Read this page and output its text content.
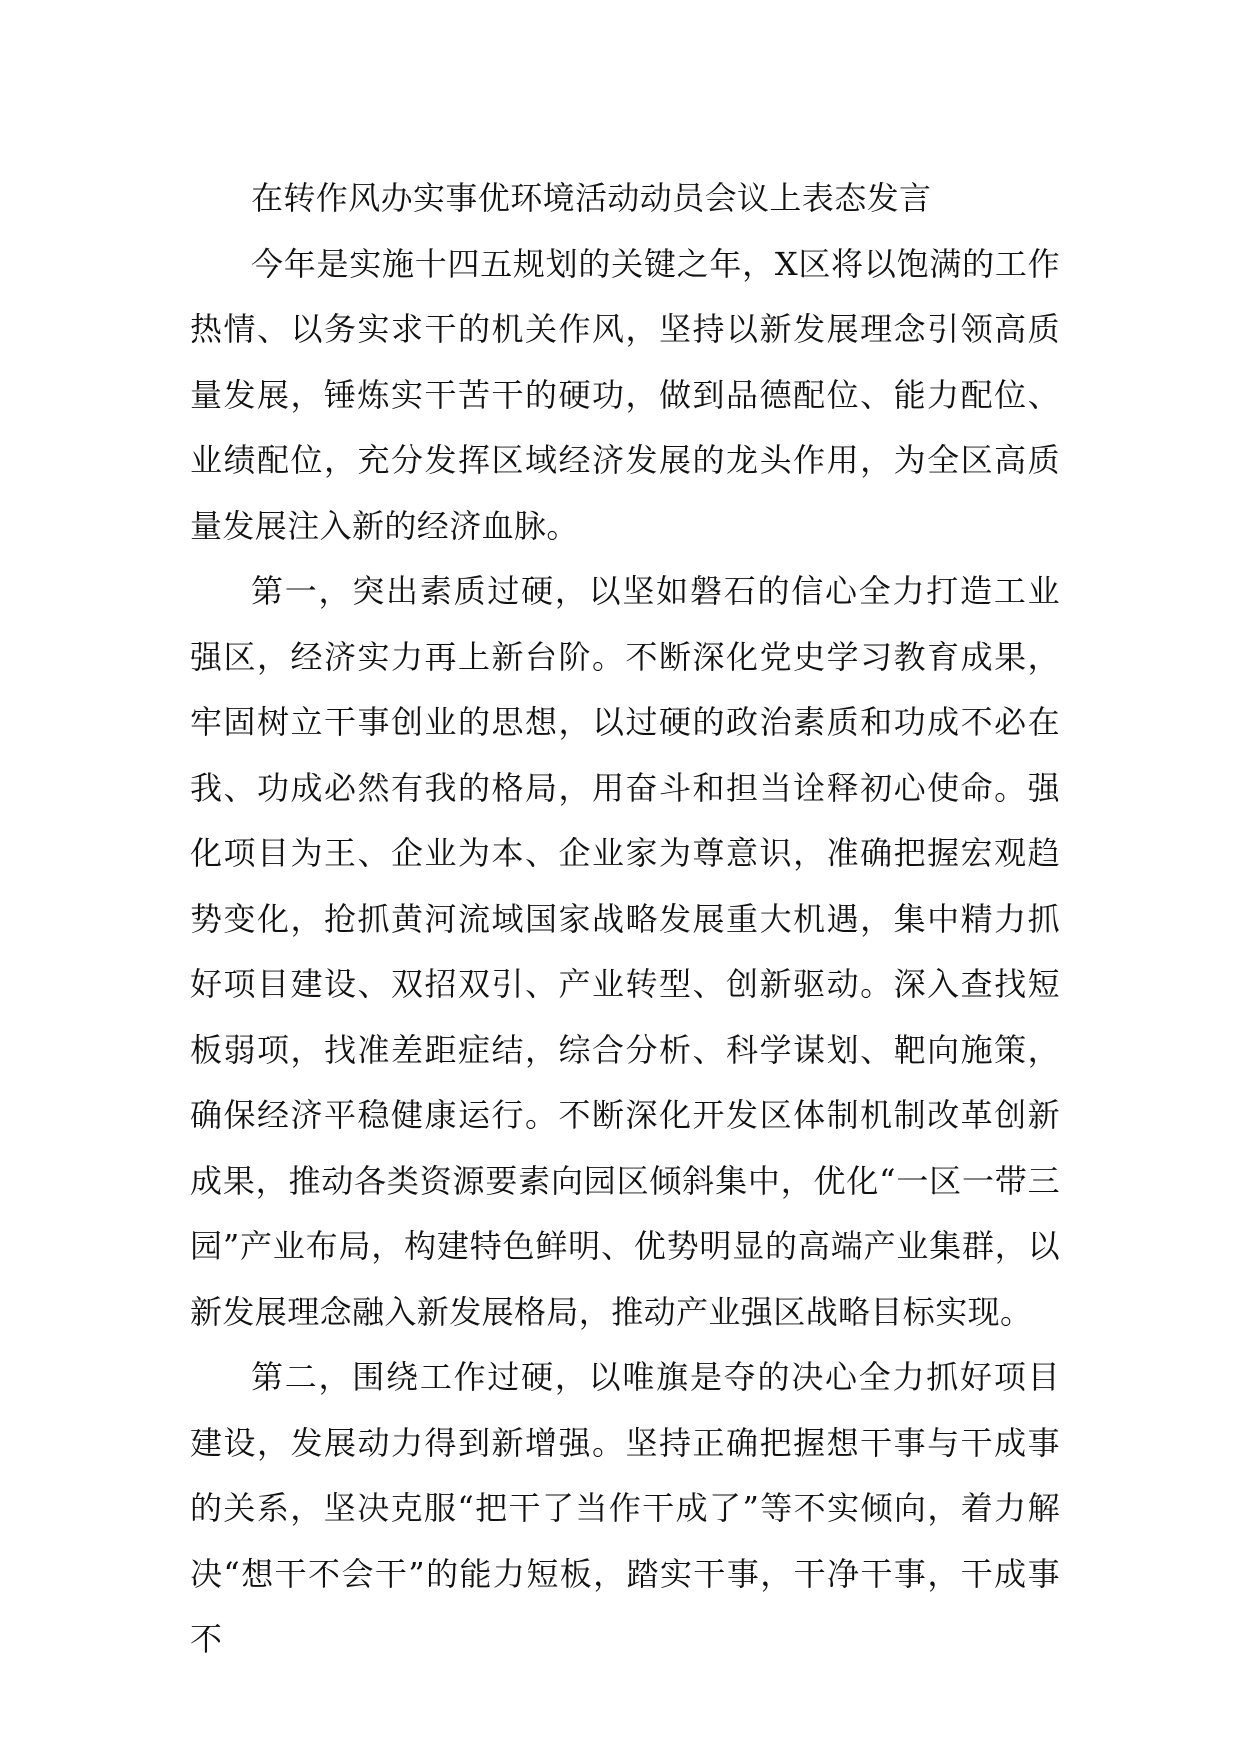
在转作风办实事优环境活动动员会议上表态发言

今年是实施十四五规划的关键之年，X区将以饱满的工作热情、以务实求干的机关作风，坚持以新发展理念引领高质量发展，锤炼实干苦干的硬功，做到品德配位、能力配位、业绩配位，充分发挥区域经济发展的龙头作用，为全区高质量发展注入新的经济血脉。

第一，突出素质过硬，以坚如磐石的信心全力打造工业强区，经济实力再上新台阶。不断深化党史学习教育成果，牢固树立干事创业的思想，以过硬的政治素质和功成不必在我、功成必然有我的格局，用奋斗和担当诠释初心使命。强化项目为王、企业为本、企业家为尊意识，准确把握宏观趋势变化，抢抓黄河流域国家战略发展重大机遇，集中精力抓好项目建设、双招双引、产业转型、创新驱动。深入查找短板弱项，找准差距症结，综合分析、科学谋划、靶向施策，确保经济平稳健康运行。不断深化开发区体制机制改革创新成果，推动各类资源要素向园区倾斜集中，优化“一区一带三园”产业布局，构建特色鲜明、优势明显的高端产业集群，以新发展理念融入新发展格局，推动产业强区战略目标实现。

第二，围绕工作过硬，以唯旗是夺的决心全力抓好项目建设，发展动力得到新增强。坚持正确把握想干事与干成事的关系，坚决克服“把干了当作干成了”等不实倾向，着力解决“想干不会干”的能力短板，踏实干事，干净干事，干成事不
